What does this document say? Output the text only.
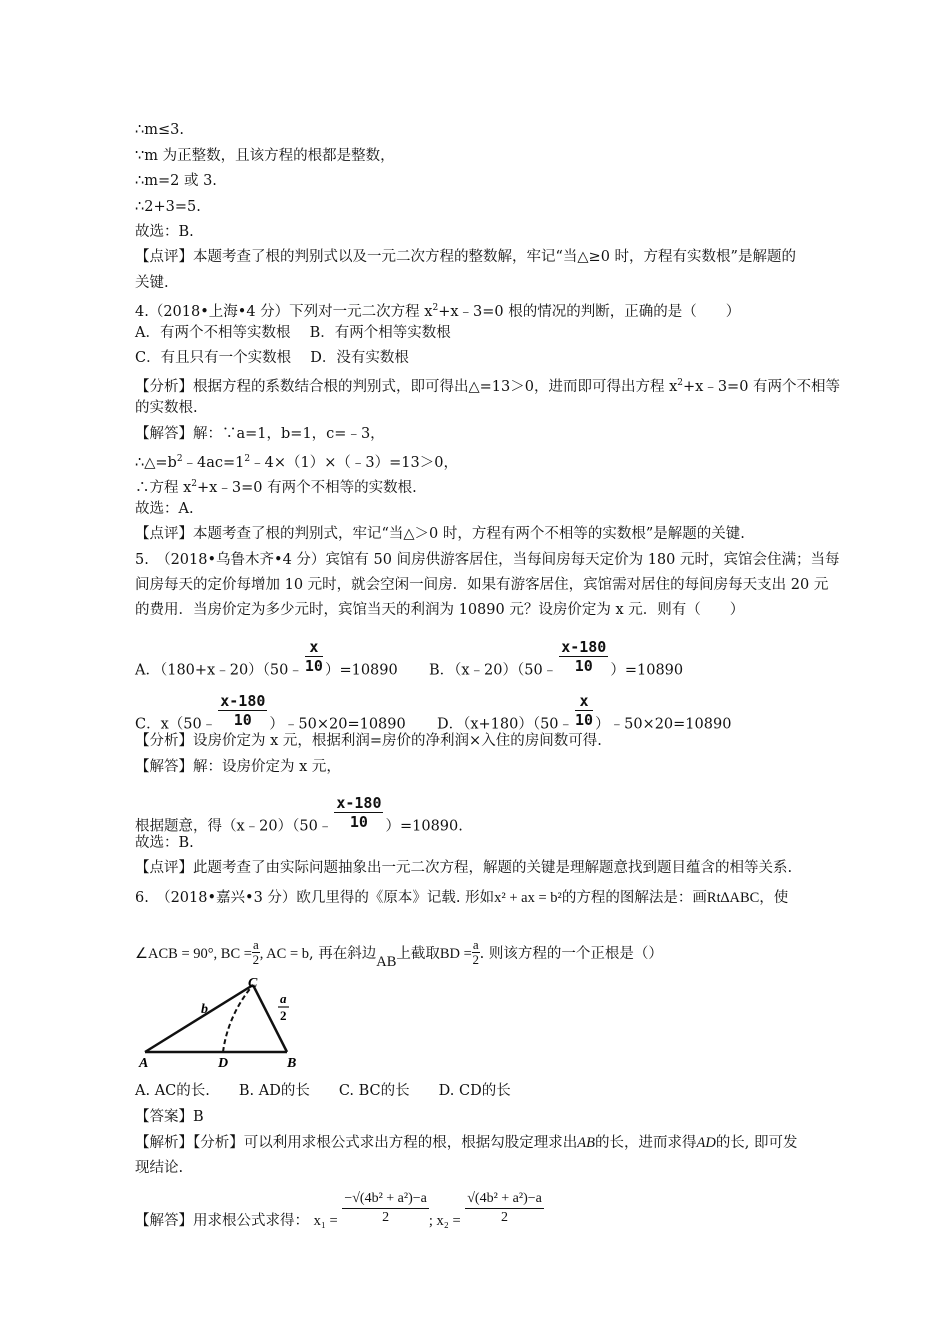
∴m≤3.
∵m 为正整数，且该方程的根都是整数，
∴m=2 或 3.
∴2+3=5.
故选：B.
【点评】本题考查了根的判别式以及一元二次方程的整数解，牢记“当△≥0 时，方程有实数根”是解题的
关键.
4.（2018•上海•4 分）下列对一元二次方程 $x^2+x﹣3=0$ 根的情况的判断，正确的是（　　）
A．有两个不相等实数根　 B．有两个相等实数根
C．有且只有一个实数根　 D．没有实数根
【分析】根据方程的系数结合根的判别式，即可得出△=13＞0，进而即可得出方程 $x^2+x﹣3=0$ 有两个不相等
的实数根.
【解答】解：∵a=1，b=1，c=﹣3，
$\therefore\triangle=b^2﹣4ac=1^2﹣4\times(1)\times(﹣3)=13>0$，
∴方程 $x^2+x﹣3=0$ 有两个不相等的实数根.
故选：A.
【点评】本题考查了根的判别式，牢记“当△＞0 时，方程有两个不相等的实数根”是解题的关键.
5.　（2018•乌鲁木齐•4 分）宾馆有 50 间房供游客居住，当每间房每天定价为 180 元时，宾馆会住满；当每
间房每天的定价每增加 10 元时，就会空闲一间房．如果有游客居住，宾馆需对居住的每间房每天支出 20 元
的费用．当房价定为多少元时，宾馆当天的利润为 10890 元？设房价定为 x 元．则有（　　）
A．（180+x﹣20）（50﹣ $\frac{x}{10} )=10890$ B．（x﹣20）（50﹣ $\frac{x-180}{10} )=10890$
C．x（50﹣ $\frac{x-180}{10}$ ）﹣50×20=10890 D．（x+180）（50﹣ $\frac{x}{10}$ ）﹣50×20=10890
【分析】设房价定为 x 元，根据利润=房价的净利润×入住的房间数可得.
【解答】解：设房价定为 x 元，
根据题意，得（x﹣20）（50﹣ $\frac{x-180}{10} )=10890$.
故选：B.
【点评】此题考查了由实际问题抽象出一元二次方程，解题的关键是理解题意找到题目蕴含的相等关系.
6.　（2018•嘉兴•3 分）欧几里得的《原本》记载. 形如x² + ax = b²的方程的图解法是：画Rt∆ABC，使
∠ACB = 90°, BC = $\frac{a}{2}$ , AC = b, 再在斜边AB上截取BD = $\frac{a}{2}$ . 则该方程的一个正根是（）
A	D	B
C
b
a
2
A. AC的长.　　B. AD的长　　C. BC的长　　D. CD的长
【答案】B
【解析】【分析】可以利用求根公式求出方程的根，根据勾股定理求出AB的长，进而求得AD的长, 即可发
现结论.
【解答】用求根公式求得： $x_1 = \frac{\text{−√(4b² + a²)−a}}{2}$ ; $x_2 = \frac{\text{√(4b² + a²)−a}}{2}$
